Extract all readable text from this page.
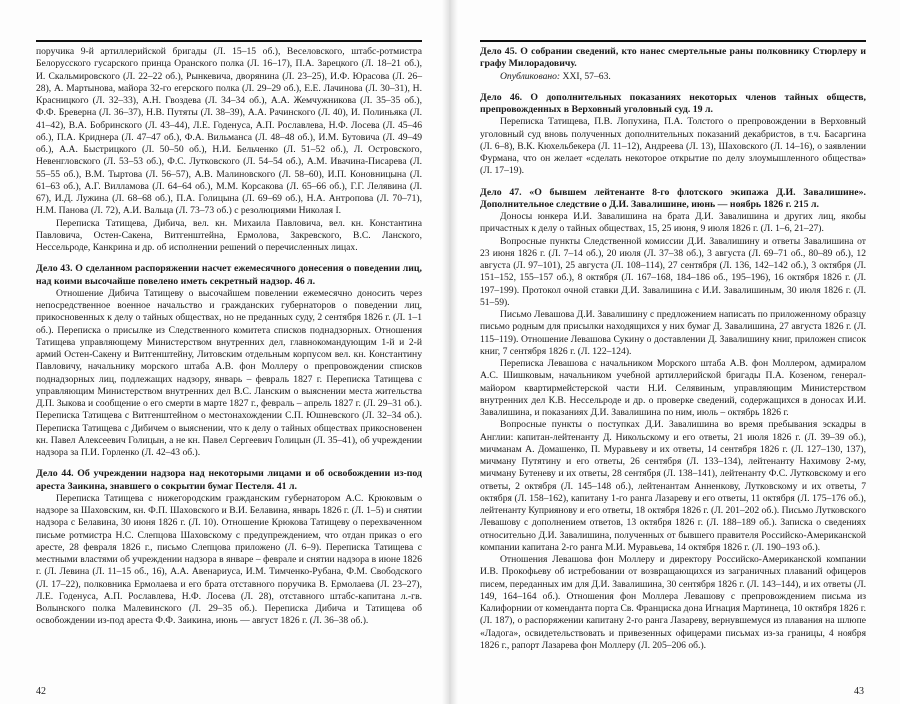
поручика 9-й артиллерийской бригады (Л. 15–15 об.), Веселовского, штабс-ротмистра Белорусского гусарского принца Оранского полка (Л. 16–17), П.А. Зарецкого (Л. 18–21 об.), И. Скальмировского (Л. 22–22 об.), Рынкевича, дворянина (Л. 23–25), И.Ф. Юрасова (Л. 26–28), А. Мартынова, майора 32-го егерского полка (Л. 29–29 об.), Е.Е. Лачинова (Л. 30–31), Н. Красницкого (Л. 32–33), А.Н. Гвоздева (Л. 34–34 об.), А.А. Жемчужникова (Л. 35–35 об.), Ф.Ф. Бреверна (Л. 36–37), Н.В. Путяты (Л. 38–39), А.А. Рачинского (Л. 40), И. Полиньяка (Л. 41–42), В.А. Бобринского (Л. 43–44), Л.Е. Годенуса, А.П. Рославлева, Н.Ф. Лосева (Л. 45–46 об.), П.А. Криднера (Л. 47–47 об.), Ф.А. Вильманса (Л. 48–48 об.), И.М. Бутовича (Л. 49–49 об.), А.А. Быстрицкого (Л. 50–50 об.), Н.И. Бельченко (Л. 51–52 об.), Л. Островского, Невенгловского (Л. 53–53 об.), Ф.С. Лутковского (Л. 54–54 об.), А.М. Ивачина-Писарева (Л. 55–55 об.), В.М. Тыртова (Л. 56–57), А.В. Малиновского (Л. 58–60), И.П. Коновницына (Л. 61–63 об.), А.Г. Вилламова (Л. 64–64 об.), М.М. Корсакова (Л. 65–66 об.), Г.Г. Лелявина (Л. 67), И.Д. Лужина (Л. 68–68 об.), П.А. Голицына (Л. 69–69 об.), Н.А. Антропова (Л. 70–71), Н.М. Панова (Л. 72), А.И. Вальца (Л. 73–73 об.) с резолюциями Николая I.

Переписка Татищева, Дибича, вел. кн. Михаила Павловича, вел. кн. Константина Павловича, Остен-Сакена, Витгенштейна, Ермолова, Закревского, В.С. Ланского, Нессельроде, Канкрина и др. об исполнении решений о перечисленных лицах.

Дело 43. О сделанном распоряжении насчет ежемесячного донесения о поведении лиц, над коими высочайше повелено иметь секретный надзор. 46 л.

Отношение Дибича Татищеву о высочайшем повелении ежемесячно доносить через непосредственное военное начальство и гражданских губернаторов о поведении лиц, прикосновенных к делу о тайных обществах, но не преданных суду, 2 сентября 1826 г. (Л. 1–1 об.). Переписка о присылке из Следственного комитета списков поднадзорных. Отношения Татищева управляющему Министерством внутренних дел, главнокомандующим 1-й и 2-й армий Остен-Сакену и Витгенштейну, Литовским отдельным корпусом вел. кн. Константину Павловичу, начальнику морского штаба А.В. фон Моллеру о препровождении списков поднадзорных лиц, подлежащих надзору, январь – февраль 1827 г. Переписка Татищева с управляющим Министерством внутренних дел В.С. Ланским о выяснении места жительства Д.П. Зыкова и сообщение о его смерти в марте 1827 г., февраль – апрель 1827 г. (Л. 29–31 об.). Переписка Татищева с Витгенштейном о местонахождении С.П. Юшневского (Л. 32–34 об.). Переписка Татищева с Дибичем о выяснении, что к делу о тайных обществах прикосновенен кн. Павел Алексеевич Голицын, а не кн. Павел Сергеевич Голицын (Л. 35–41), об учреждении надзора за П.И. Горленко (Л. 42–43 об.).

Дело 44. Об учреждении надзора над некоторыми лицами и об освобождении из-под ареста Заикина, знавшего о сокрытии бумаг Пестеля. 41 л.

Переписка Татищева с нижегородским гражданским губернатором А.С. Крюковым о надзоре за Шаховским, кн. Ф.П. Шаховского и В.И. Белавина, январь 1826 г. (Л. 1–5) и снятии надзора с Белавина, 30 июня 1826 г. (Л. 10). Отношение Крюкова Татищеву о перехваченном письме ротмистра Н.С. Слепцова Шаховскому с предупреждением, что отдан приказ о его аресте, 28 февраля 1826 г., письмо Слепцова приложено (Л. 6–9). Переписка Татищева с местными властями об учреждении надзора в январе – феврале и снятии надзора в июне 1826 г. (Л. Левина (Л. 11–15 об., 16), А.А. Авенариуса, И.М. Тимченко-Рубана, Ф.М. Свободского (Л. 17–22), полковника Ермолаева и его брата отставного поручика В. Ермолаева (Л. 23–27), Л.Е. Годенуса, А.П. Рославлева, Н.Ф. Лосева (Л. 28), отставного штабс-капитана л.-гв. Волынского полка Малевинского (Л. 29–35 об.). Переписка Дибича и Татищева об освобождении из-под ареста Ф.Ф. Заикина, июнь — август 1826 г. (Л. 36–38 об.).

42
Дело 45. О собрании сведений, кто нанес смертельные раны полковнику Стюрлеру и графу Милорадовичу.

Опубликовано: XXI, 57–63.

Дело 46. О дополнительных показаниях некоторых членов тайных обществ, препровожденных в Верховный уголовный суд. 19 л.

Переписка Татищева, П.В. Лопухина, П.А. Толстого о препровождении в Верховный уголовный суд вновь полученных дополнительных показаний декабристов, в т.ч. Басаргина (Л. 6–8), В.К. Кюхельбекера (Л. 11–12), Андреева (Л. 13), Шаховского (Л. 14–16), о заявлении Фурмана, что он желает «сделать некоторое открытие по делу злоумышленного общества» (Л. 17–19).

Дело 47. «О бывшем лейтенанте 8-го флотского экипажа Д.И. Завалишине». Дополнительное следствие о Д.И. Завалишине, июнь — ноябрь 1826 г. 215 л.

Доносы юнкера И.И. Завалишина на брата Д.И. Завалишина и других лиц, якобы причастных к делу о тайных обществах, 15, 25 июня, 9 июля 1826 г. (Л. 1–6, 21–27).

Вопросные пункты Следственной комиссии Д.И. Завалишину и ответы Завалишина от 23 июня 1826 г. (Л. 7–14 об.), 20 июля (Л. 37–38 об.), 3 августа (Л. 69–71 об., 80–89 об.), 12 августа (Л. 97–101), 25 августа (Л. 108–114), 27 сентября (Л. 136, 142–142 об.), 3 октября (Л. 151–152, 155–157 об.), 8 октября (Л. 167–168, 184–186 об., 195–196), 16 октября 1826 г. (Л. 197–199). Протокол очной ставки Д.И. Завалишина с И.И. Завалишиным, 30 июля 1826 г. (Л. 51–59).

Письмо Левашова Д.И. Завалишину с предложением написать по приложенному образцу письмо родным для присылки находящихся у них бумаг Д. Завалишина, 27 августа 1826 г. (Л. 115–119). Отношение Левашова Сукину о доставлении Д. Завалишину книг, приложен список книг, 7 сентября 1826 г. (Л. 122–124).

Переписка Левашова с начальником Морского штаба А.В. фон Моллером, адмиралом А.С. Шишковым, начальником учебной артиллерийской бригады П.А. Козеном, генерал-майором квартирмейстерской части Н.И. Селявиным, управляющим Министерством внутренних дел К.В. Нессельроде и др. о проверке сведений, содержащихся в доносах И.И. Завалишина, и показаниях Д.И. Завалишина по ним, июль – октябрь 1826 г.

Вопросные пункты о поступках Д.И. Завалишина во время пребывания эскадры в Англии: капитан-лейтенанту Д. Никольскому и его ответы, 21 июля 1826 г. (Л. 39–39 об.), мичманам А. Домашенко, П. Муравьеву и их ответы, 14 сентября 1826 г. (Л. 127–130, 137), мичману Путятину и его ответы, 26 сентября (Л. 133–134), лейтенанту Нахимову 2-му, мичману Бутеневу и их ответы, 28 сентября (Л. 138–141), лейтенанту Ф.С. Лутковскому и его ответы, 2 октября (Л. 145–148 об.), лейтенантам Анненкову, Лутковскому и их ответы, 7 октября (Л. 158–162), капитану 1-го ранга Лазареву и его ответы, 11 октября (Л. 175–176 об.), лейтенанту Куприянову и его ответы, 18 октября 1826 г. (Л. 201–202 об.). Письмо Лутковского Левашову с дополнением ответов, 13 октября 1826 г. (Л. 188–189 об.). Записка о сведениях относительно Д.И. Завалишина, полученных от бывшего правителя Российско-Американской компании капитана 2-го ранга М.И. Муравьева, 14 октября 1826 г. (Л. 190–193 об.).

Отношения Левашова фон Моллеру и директору Российско-Американской компании И.В. Прокофьеву об истребовании от возвращающихся из заграничных плаваний офицеров писем, переданных им для Д.И. Завалишина, 30 сентября 1826 г. (Л. 143–144), и их ответы (Л. 149, 164–164 об.). Отношения фон Моллера Левашову с препровождением письма из Калифорнии от коменданта порта Св. Франциска дона Игнация Мартинеца, 10 октября 1826 г. (Л. 187), о распоряжении капитану 2-го ранга Лазареву, вернувшемуся из плавания на шлюпе «Ладога», освидетельствовать и привезенных офицерами письмах из-за границы, 4 ноября 1826 г., рапорт Лазарева фон Моллеру (Л. 205–206 об.).

43
